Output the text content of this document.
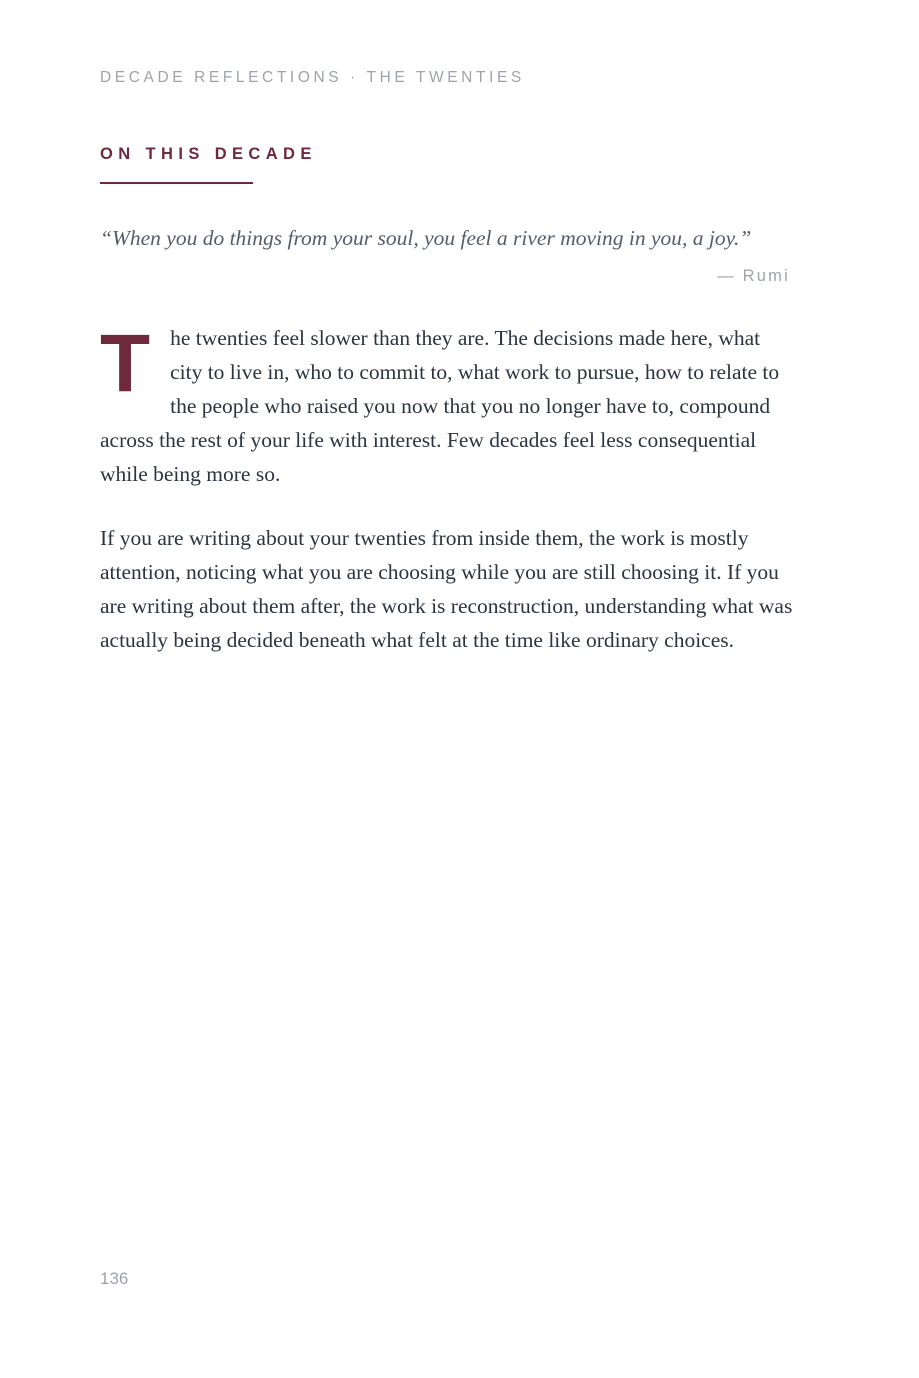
DECADE REFLECTIONS · THE TWENTIES
ON THIS DECADE
“When you do things from your soul, you feel a river moving in you, a joy.”
— Rumi

The twenties feel slower than they are. The decisions made here, what city to live in, who to commit to, what work to pursue, how to relate to the people who raised you now that you no longer have to, compound across the rest of your life with interest. Few decades feel less consequential while being more so.

If you are writing about your twenties from inside them, the work is mostly attention, noticing what you are choosing while you are still choosing it. If you are writing about them after, the work is reconstruction, understanding what was actually being decided beneath what felt at the time like ordinary choices.

136
